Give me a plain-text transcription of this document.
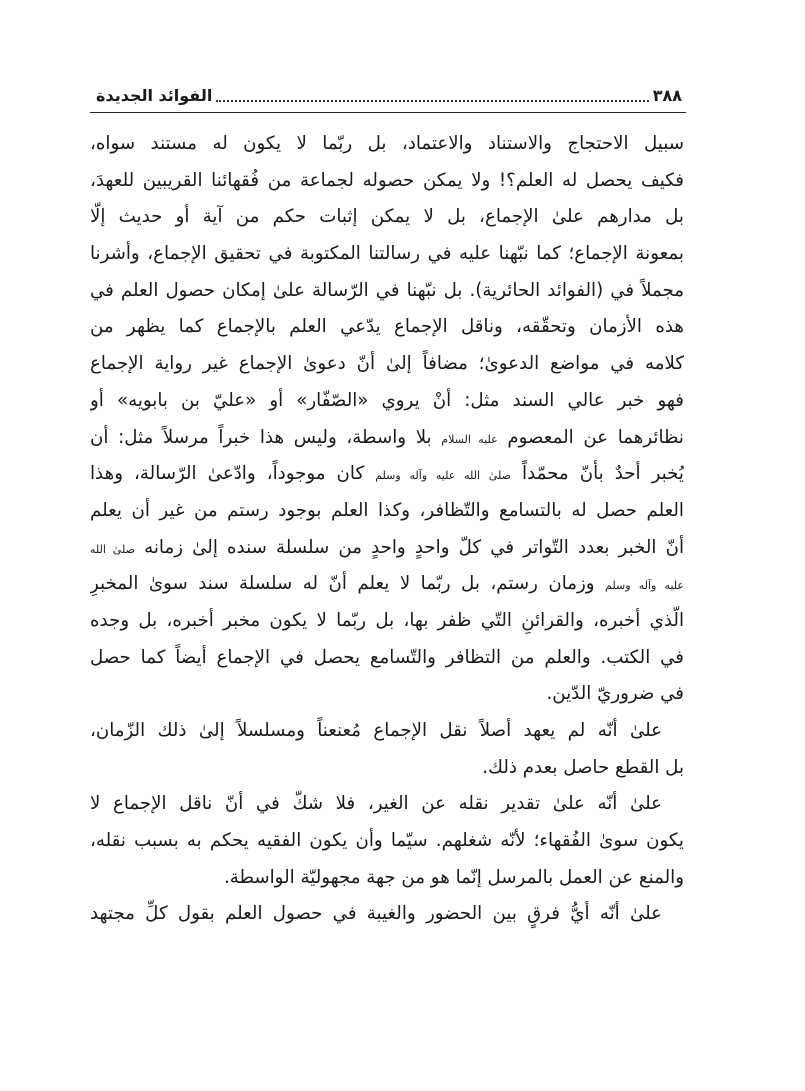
٣٨٨
الفوائد الجديدة
سبيل الاحتجاج والاستناد والاعتماد، بل ربّما لا يكون له مستند سواه،
فكيف يحصل له العلم؟! ولا يمكن حصوله لجماعة من فُقهائنا القريبين للعهدَ،
بل مدارهم علىٰ الإجماع، بل لا يمكن إثبات حكم من آية أو حديث إلّا
بمعونة الإجماع؛ كما نبّهنا عليه في رسالتنا المكتوبة في تحقيق الإجماع، وأشرنا
مجملاً في (الفوائد الحائرية). بل نبّهنا في الرّسالة علىٰ إمكان حصول العلم في
هذه الأزمان وتحقّقه، وناقل الإجماع يدّعي العلم بالإجماع كما يظهر من
كلامه في مواضع الدعوىٰ؛ مضافاً إلىٰ أنّ دعوىٰ الإجماع غير رواية الإجماع
فهو خبر عالي السند مثل: أنْ يروي «الصّفّار» أو «عليّ بن بابويه» أو
نظائرهما عن المعصوم عليه السلام بلا واسطة، وليس هذا خبراً مرسلاً مثل: أن
يُخبر أحدٌ بأنّ محمّداً صلىٰ الله عليه وآله وسلم كان موجوداً، وادّعىٰ الرّسالة، وهذا
العلم حصل له بالتسامع والتّظافر، وكذا العلم بوجود رستم من غير أن يعلم
أنّ الخبر بعدد التّواتر في كلّ واحدٍ واحدٍ من سلسلة سنده إلىٰ زمانه صلىٰ الله
عليه وآله وسلم وزمان رستم، بل ربّما لا يعلم أنّ له سلسلة سند سوىٰ المخبرِ
الّذي أخبره، والقرائنِ التّي ظفر بها، بل ربّما لا يكون مخبر أخبره، بل وجده
في الكتب. والعلم من التظافر والتّسامع يحصل في الإجماع أيضاً كما حصل
في ضروريّ الدّين.
علىٰ أنّه لم يعهد أصلاً نقل الإجماع مُعنعناً ومسلسلاً إلىٰ ذلك الزّمان،
بل القطع حاصل بعدم ذلك.
علىٰ أنّه علىٰ تقدير نقله عن الغير، فلا شكّ في أنّ ناقل الإجماع لا
يكون سوىٰ الفُقهاء؛ لأنّه شغلهم. سيّما وأن يكون الفقيه يحكم به بسبب نقله،
والمنع عن العمل بالمرسل إنّما هو من جهة مجهوليّة الواسطة.
علىٰ أنّه أيُّ فرقٍ بين الحضور والغيبة في حصول العلم بقول كلِّ مجتهد
